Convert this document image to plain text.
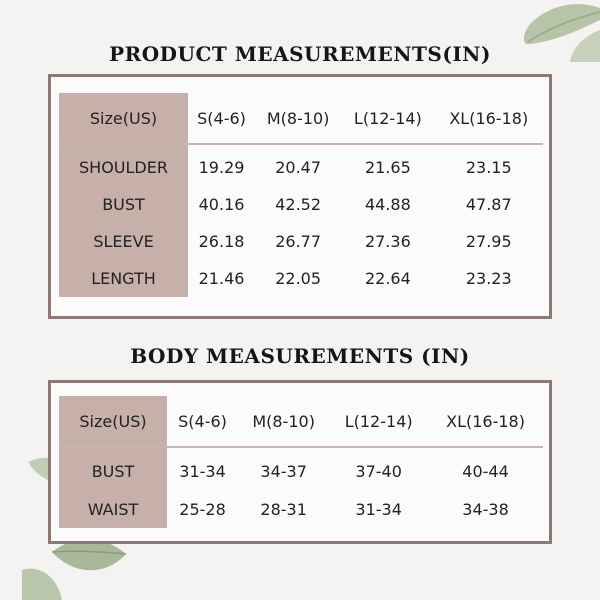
PRODUCT MEASUREMENTS(IN)
Size(US)	S(4-6)	M(8-10)	L(12-14)	XL(16-18)
SHOULDER	19.29	20.47	21.65	23.15
BUST	40.16	42.52	44.88	47.87
SLEEVE	26.18	26.77	27.36	27.95
LENGTH	21.46	22.05	22.64	23.23
BODY MEASUREMENTS (IN)
Size(US)	S(4-6)	M(8-10)	L(12-14)	XL(16-18)
BUST	31-34	34-37	37-40	40-44
WAIST	25-28	28-31	31-34	34-38
